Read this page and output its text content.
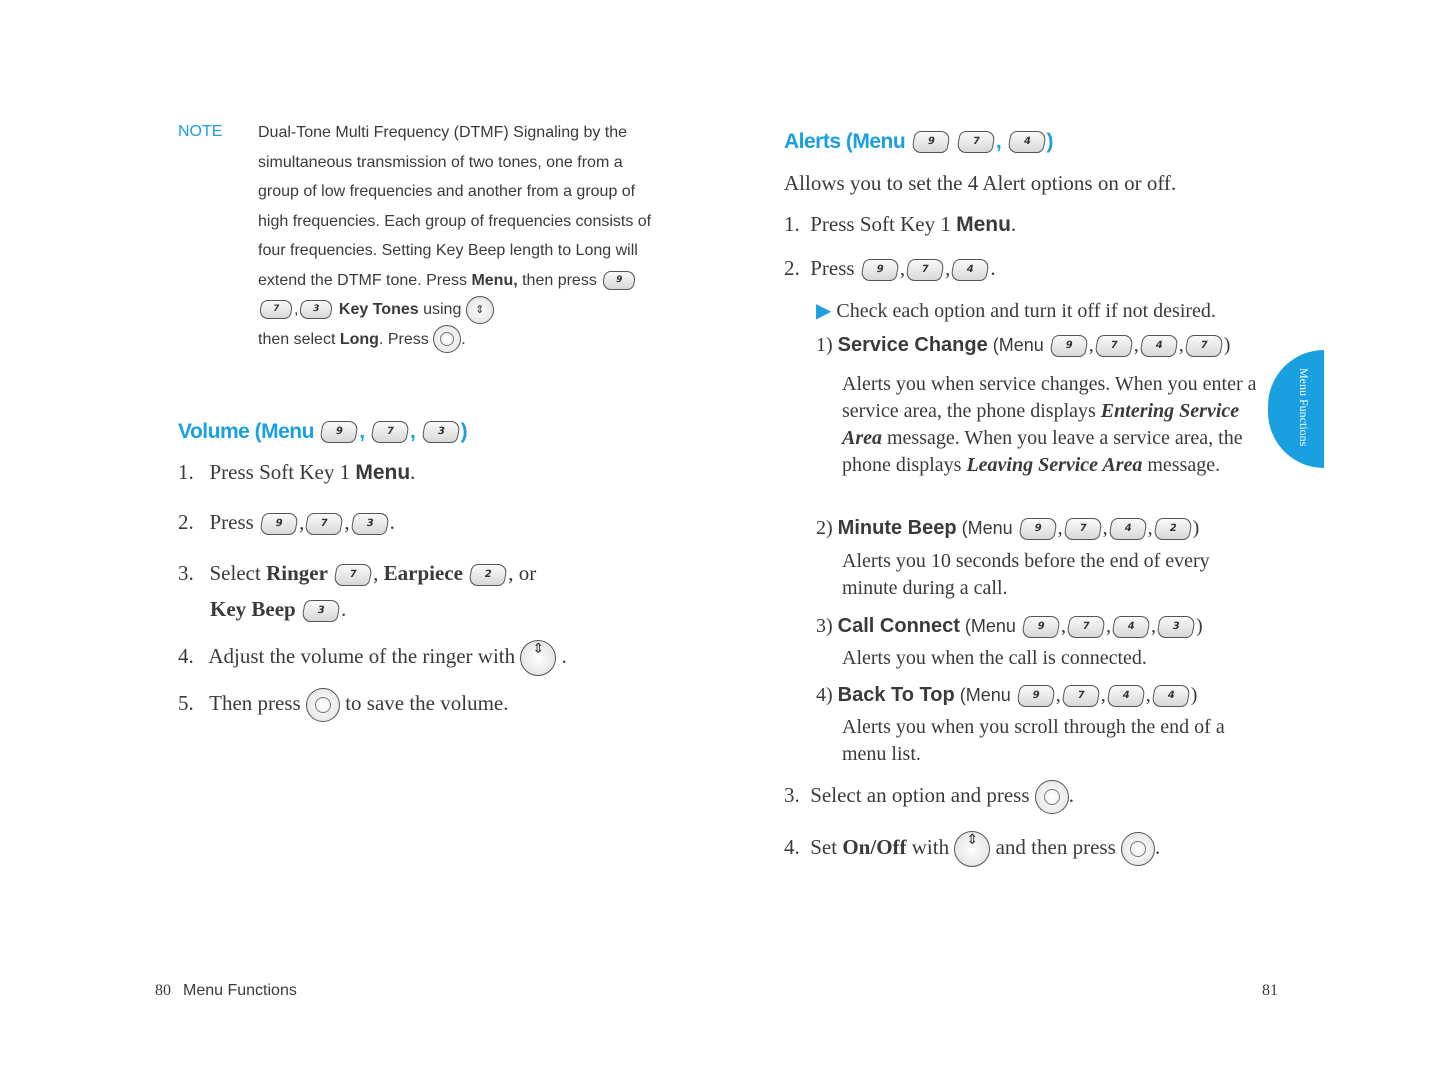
NOTE Dual-Tone Multi Frequency (DTMF) Signaling by the simultaneous transmission of two tones, one from a group of low frequencies and another from a group of high frequencies. Each group of frequencies consists of four frequencies. Setting Key Beep length to Long will extend the DTMF tone. Press Menu, then press 97 , 3 Key Tones using ⇕
then select Long. Press .
Volume (Menu 9 , 7 , 3 )
1. Press Soft Key 1 Menu.
2. Press 9 , 7 , 3 .
3. Select Ringer 7 , Earpiece 2 , or
Key Beep 3 .
4. Adjust the volume of the ringer with ⇕ .
5. Then press to save the volume.
80 Menu Functions
Alerts (Menu 9	7 , 4 )
Allows you to set the 4 Alert options on or off.
1.  Press Soft Key 1 Menu.
2.  Press 9 , 7 , 4 .
▶ Check each option and turn it off if not desired.
1) Service Change (Menu 9 , 7 , 4 , 7 )
Alerts you when service changes. When you enter a service area, the phone displays Entering Service Area message. When you leave a service area, the phone displays Leaving Service Area message.
2) Minute Beep (Menu 9 , 7 , 4 , 2 )
Alerts you 10 seconds before the end of every minute during a call.
3) Call Connect (Menu 9 , 7 , 4 , 3 )
Alerts you when the call is connected.
4) Back To Top (Menu 9 , 7 , 4 , 4 )
Alerts you when you scroll through the end of a menu list.
3.  Select an option and press .
4.  Set On/Off with ⇕ and then press .
81
Menu Functions
